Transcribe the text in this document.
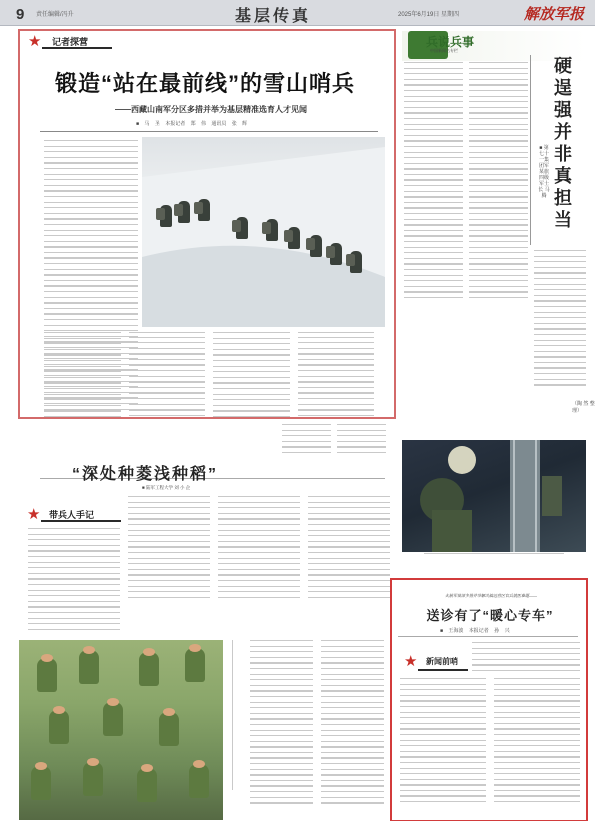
9 责任编辑/冯升	基层传真	2025年6月19日 星期四	解放军报
★ 记者探营
锻造“站在最前线”的雪山哨兵
——西藏山南军分区多措并举为基层精准选育人才见闻
■ 马 圣 本报记者 郑 伟 通讯员 张 辉
“深处种菱浅种稻”
■ 陆军工程大学 刘 小 企
★ 带兵人手记
兵说兵事
中国新闻名专栏
硬逞强并非真担当
■ 第七十一集团军某旅四级军士长 马 腾
（陶 然 整理）
火箭军某部多措并举解决偏远营区官兵就医难题——
送诊有了“暖心专车”
■ 王海波 本报记者 孙 兴
★ 新闻前哨
